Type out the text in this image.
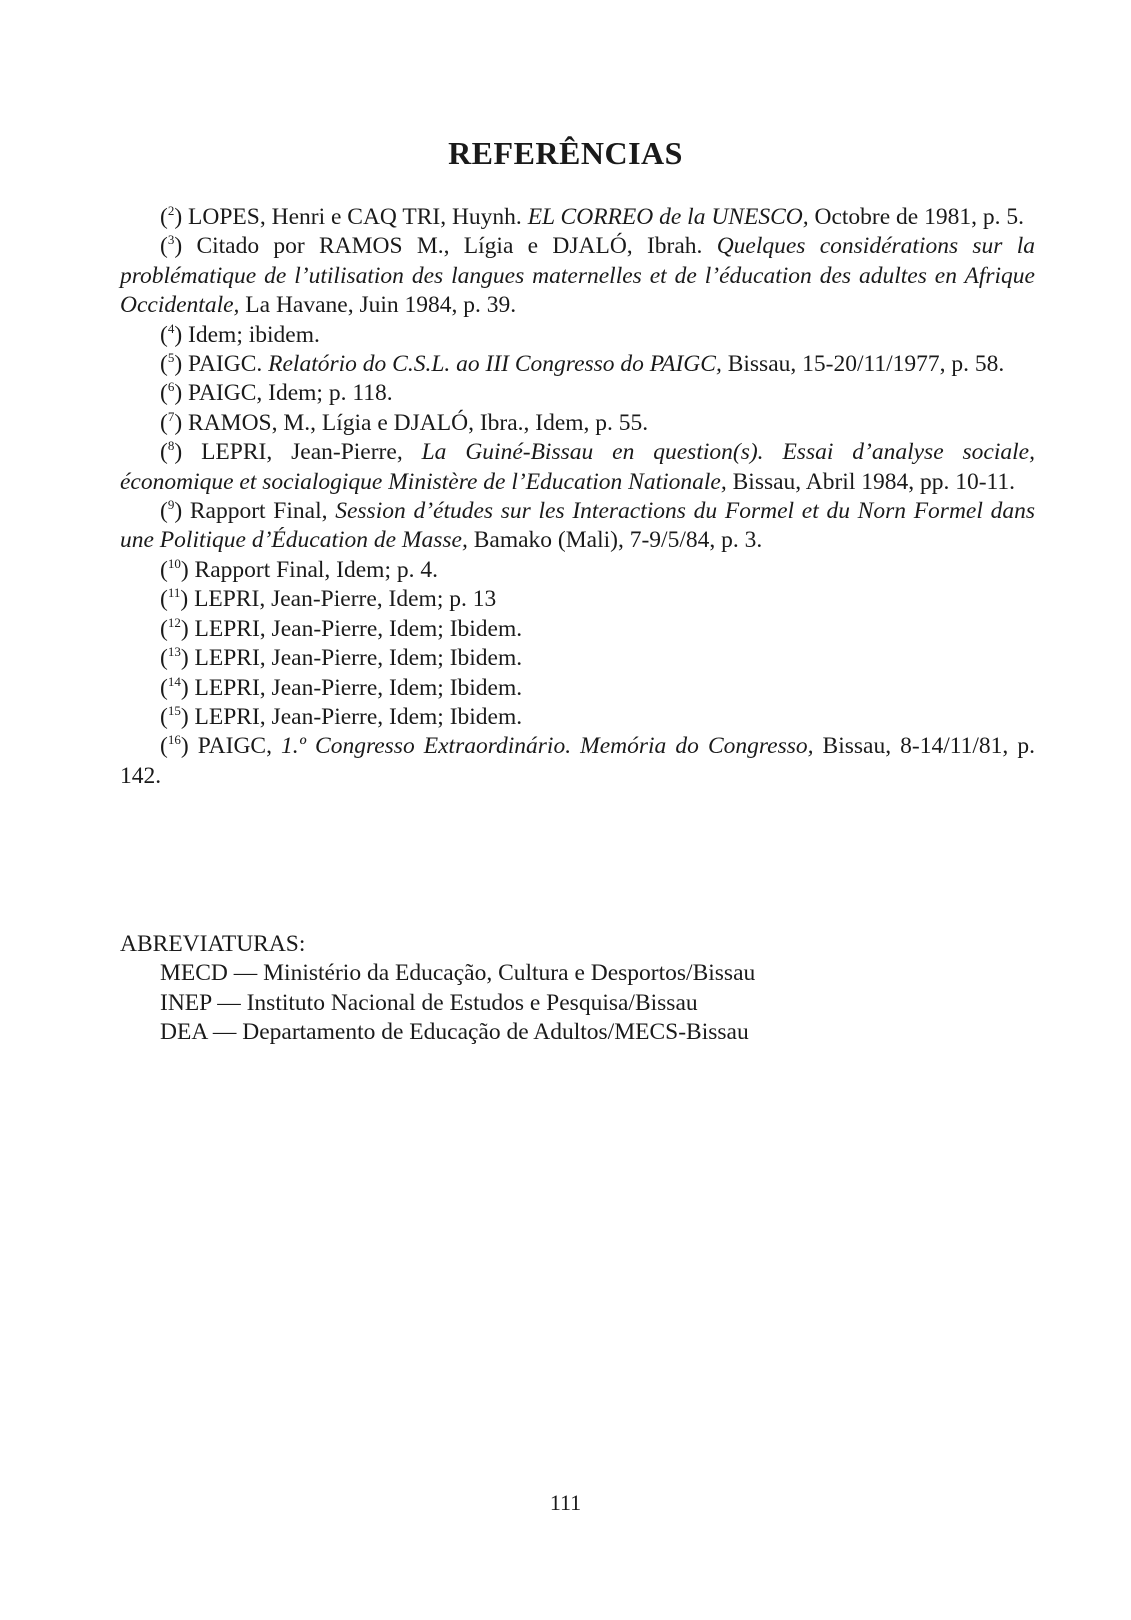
REFERÊNCIAS

($^2$) LOPES, Henri e CAQ TRI, Huynh. EL CORREO de la UNESCO, Octobre de 1981, p. 5.

($^3$) Citado por RAMOS M., Lígia e DJALÓ, Ibrah. Quelques considérations sur la problématique de l’utilisation des langues maternelles et de l’éducation des adultes en Afrique Occidentale, La Havane, Juin 1984, p. 39.

($^4$) Idem; ibidem.

($^5$) PAIGC. Relatório do C.S.L. ao III Congresso do PAIGC, Bissau, 15-20/11/1977, p. 58.

($^6$) PAIGC, Idem; p. 118.

($^7$) RAMOS, M., Lígia e DJALÓ, Ibra., Idem, p. 55.

($^8$) LEPRI, Jean-Pierre, La Guiné-Bissau en question(s). Essai d’analyse sociale, économique et socialogique Ministère de l’Education Nationale, Bissau, Abril 1984, pp. 10-11.

($^9$) Rapport Final, Session d’études sur les Interactions du Formel et du Norn Formel dans une Politique d’Éducation de Masse, Bamako (Mali), 7-9/5/84, p. 3.

($^{10}$) Rapport Final, Idem; p. 4.

($^{11}$) LEPRI, Jean-Pierre, Idem; p. 13

($^{12}$) LEPRI, Jean-Pierre, Idem; Ibidem.

($^{13}$) LEPRI, Jean-Pierre, Idem; Ibidem.

($^{14}$) LEPRI, Jean-Pierre, Idem; Ibidem.

($^{15}$) LEPRI, Jean-Pierre, Idem; Ibidem.

($^{16}$) PAIGC, 1.º Congresso Extraordinário. Memória do Congresso, Bissau, 8-14/11/81, p. 142.

ABREVIATURAS:
MECD — Ministério da Educação, Cultura e Desportos/Bissau
INEP — Instituto Nacional de Estudos e Pesquisa/Bissau
DEA — Departamento de Educação de Adultos/MECS-Bissau
111
